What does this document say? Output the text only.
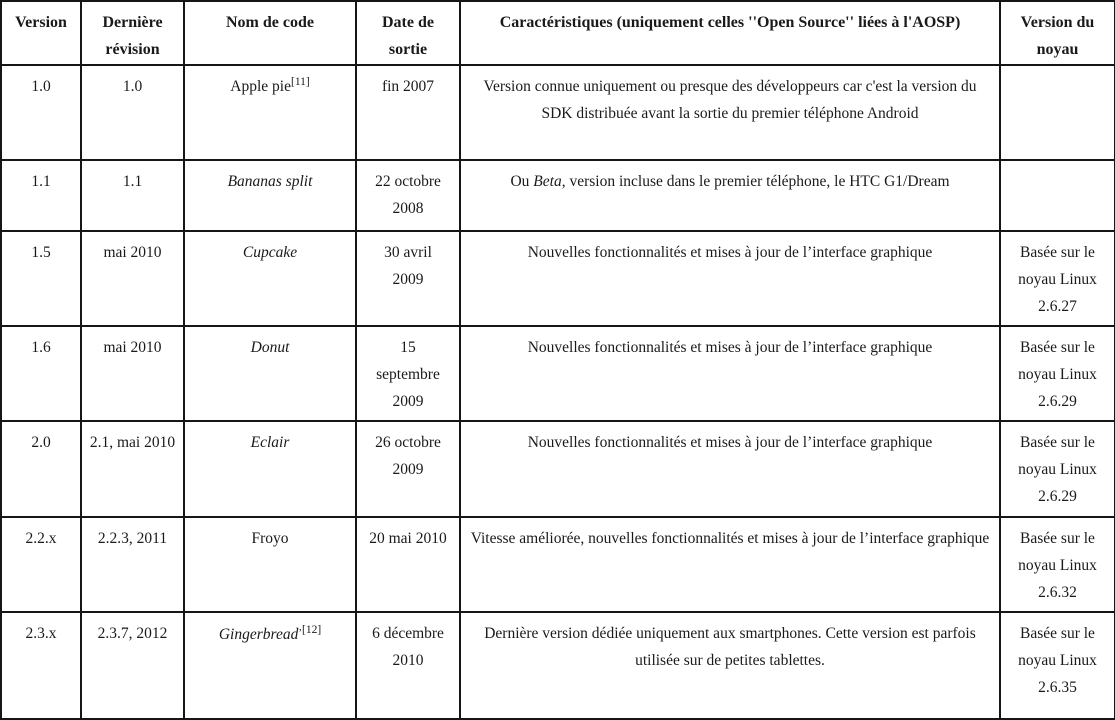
Version	Dernière révision	Nom de code	Date de sortie	Caractéristiques (uniquement celles ''Open Source'' liées à l'AOSP)	Version du noyau
1.0	1.0	Apple pie[11]	fin 2007	Version connue uniquement ou presque des développeurs car c'est la version du SDK distribuée avant la sortie du premier téléphone Android	
1.1	1.1	Bananas split	22 octobre 2008	Ou Beta, version incluse dans le premier téléphone, le HTC G1/Dream	
1.5	mai 2010	Cupcake	30 avril 2009	Nouvelles fonctionnalités et mises à jour de l’interface graphique	Basée sur le noyau Linux 2.6.27
1.6	mai 2010	Donut	15 septembre 2009	Nouvelles fonctionnalités et mises à jour de l’interface graphique	Basée sur le noyau Linux 2.6.29
2.0	2.1, mai 2010	Eclair	26 octobre 2009	Nouvelles fonctionnalités et mises à jour de l’interface graphique	Basée sur le noyau Linux 2.6.29
2.2.x	2.2.3, 2011	Froyo	20 mai 2010	Vitesse améliorée, nouvelles fonctionnalités et mises à jour de l’interface graphique	Basée sur le noyau Linux 2.6.32
2.3.x	2.3.7, 2012	Gingerbread’[12]	6 décembre 2010	Dernière version dédiée uniquement aux smartphones. Cette version est parfois utilisée sur de petites tablettes.	Basée sur le noyau Linux 2.6.35
